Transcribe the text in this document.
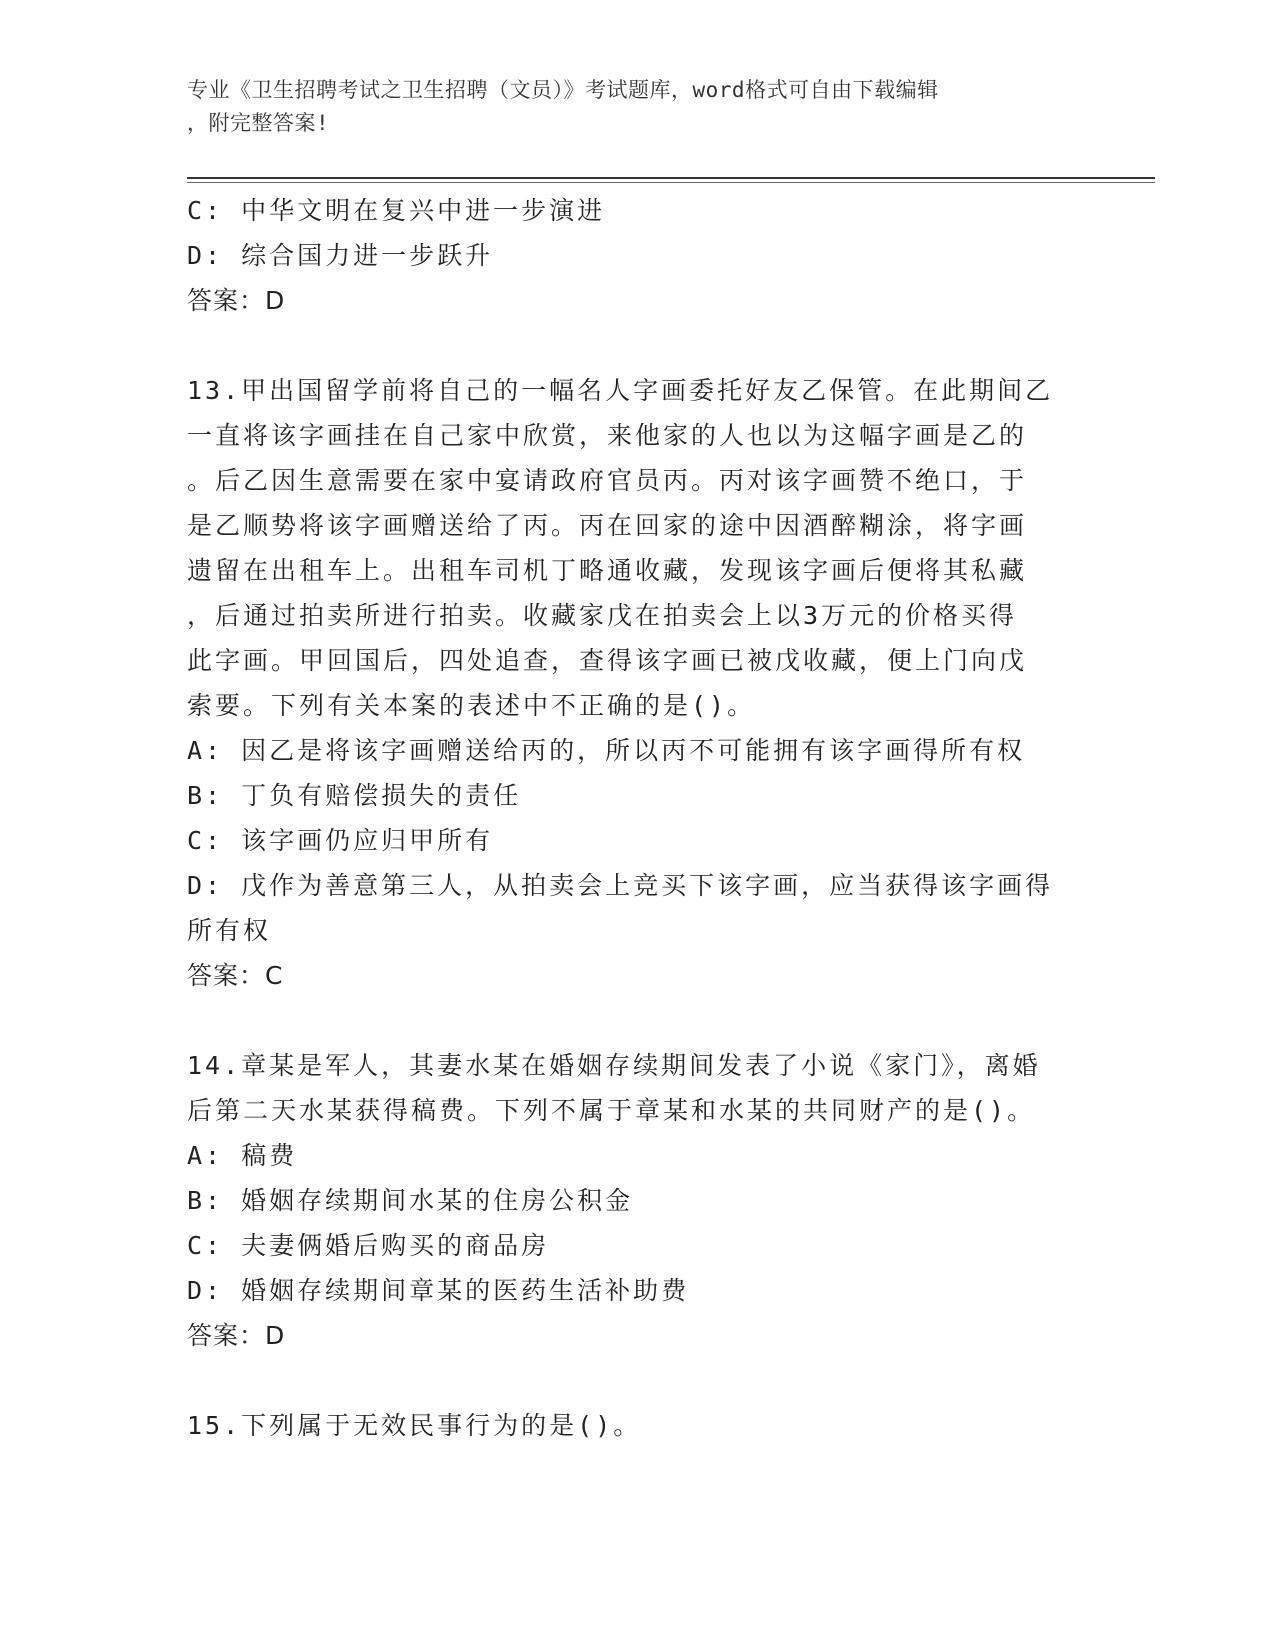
专业《卫生招聘考试之卫生招聘（文员）》考试题库，word格式可自由下载编辑
，附完整答案!

C: 中华文明在复兴中进一步演进

D: 综合国力进一步跃升

答案：D

13.甲出国留学前将自己的一幅名人字画委托好友乙保管。在此期间乙

一直将该字画挂在自己家中欣赏，来他家的人也以为这幅字画是乙的

。后乙因生意需要在家中宴请政府官员丙。丙对该字画赞不绝口，于

是乙顺势将该字画赠送给了丙。丙在回家的途中因酒醉糊涂，将字画

遗留在出租车上。出租车司机丁略通收藏，发现该字画后便将其私藏

，后通过拍卖所进行拍卖。收藏家戊在拍卖会上以3万元的价格买得

此字画。甲回国后，四处追查，查得该字画已被戊收藏，便上门向戊

索要。下列有关本案的表述中不正确的是()。

A: 因乙是将该字画赠送给丙的，所以丙不可能拥有该字画得所有权

B: 丁负有赔偿损失的责任

C: 该字画仍应归甲所有

D: 戊作为善意第三人，从拍卖会上竞买下该字画，应当获得该字画得

所有权

答案：C

14.章某是军人，其妻水某在婚姻存续期间发表了小说《家门》，离婚

后第二天水某获得稿费。下列不属于章某和水某的共同财产的是()。

A: 稿费

B: 婚姻存续期间水某的住房公积金

C: 夫妻俩婚后购买的商品房

D: 婚姻存续期间章某的医药生活补助费

答案：D

15.下列属于无效民事行为的是()。
